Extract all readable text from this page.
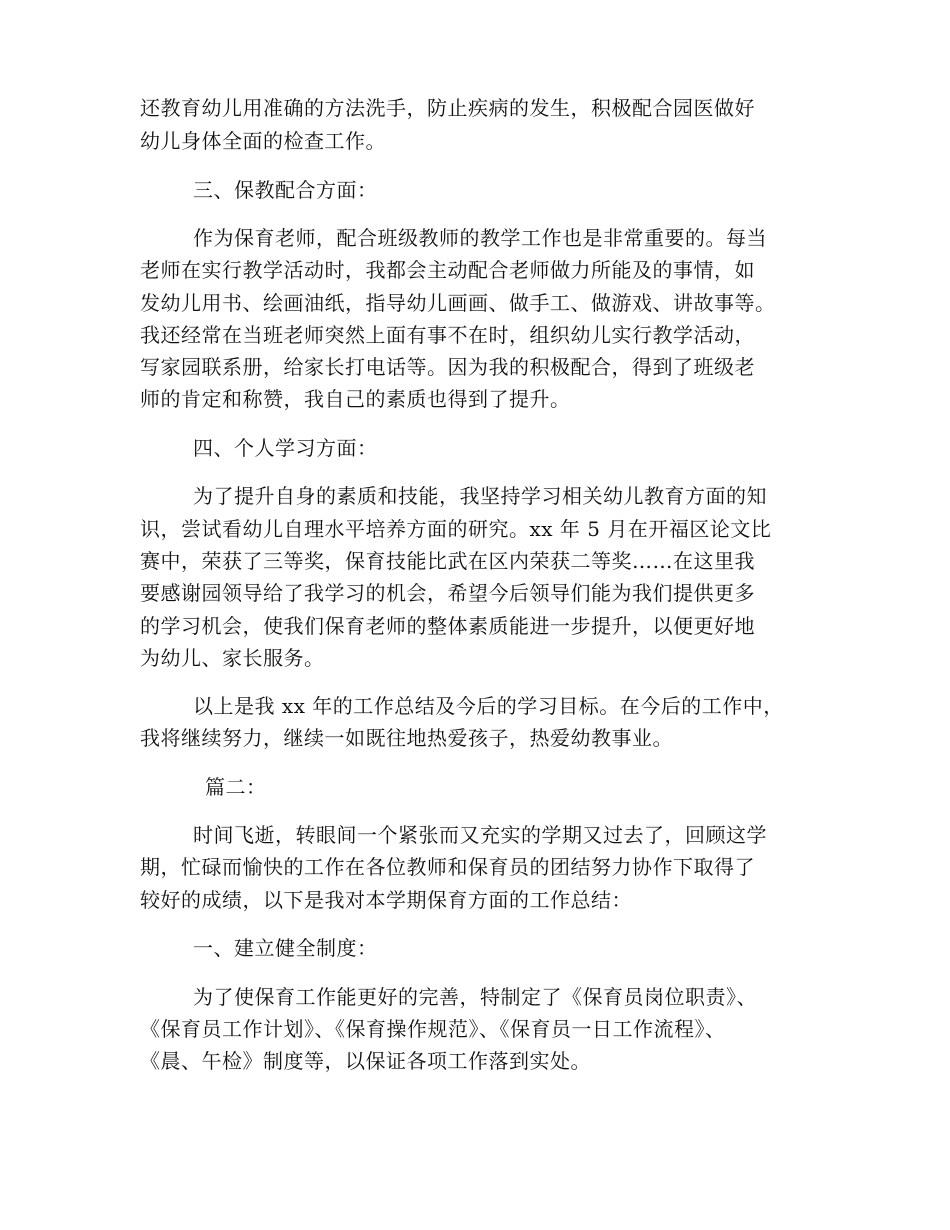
还教育幼儿用准确的方法洗手，防止疾病的发生，积极配合园医做好
幼儿身体全面的检查工作。
三、保教配合方面：
作为保育老师，配合班级教师的教学工作也是非常重要的。每当
老师在实行教学活动时，我都会主动配合老师做力所能及的事情，如
发幼儿用书、绘画油纸，指导幼儿画画、做手工、做游戏、讲故事等。
我还经常在当班老师突然上面有事不在时，组织幼儿实行教学活动，
写家园联系册，给家长打电话等。因为我的积极配合，得到了班级老
师的肯定和称赞，我自己的素质也得到了提升。
四、个人学习方面：
为了提升自身的素质和技能，我坚持学习相关幼儿教育方面的知
识，尝试看幼儿自理水平培养方面的研究。xx 年 5 月在开福区论文比
赛中，荣获了三等奖，保育技能比武在区内荣获二等奖……在这里我
要感谢园领导给了我学习的机会，希望今后领导们能为我们提供更多
的学习机会，使我们保育老师的整体素质能进一步提升，以便更好地
为幼儿、家长服务。
以上是我 xx 年的工作总结及今后的学习目标。在今后的工作中，
我将继续努力，继续一如既往地热爱孩子，热爱幼教事业。
篇二：
时间飞逝，转眼间一个紧张而又充实的学期又过去了，回顾这学
期，忙碌而愉快的工作在各位教师和保育员的团结努力协作下取得了
较好的成绩，以下是我对本学期保育方面的工作总结：
一、建立健全制度：
为了使保育工作能更好的完善，特制定了《保育员岗位职责》、
《保育员工作计划》、《保育操作规范》、《保育员一日工作流程》、
《晨、午检》制度等，以保证各项工作落到实处。
